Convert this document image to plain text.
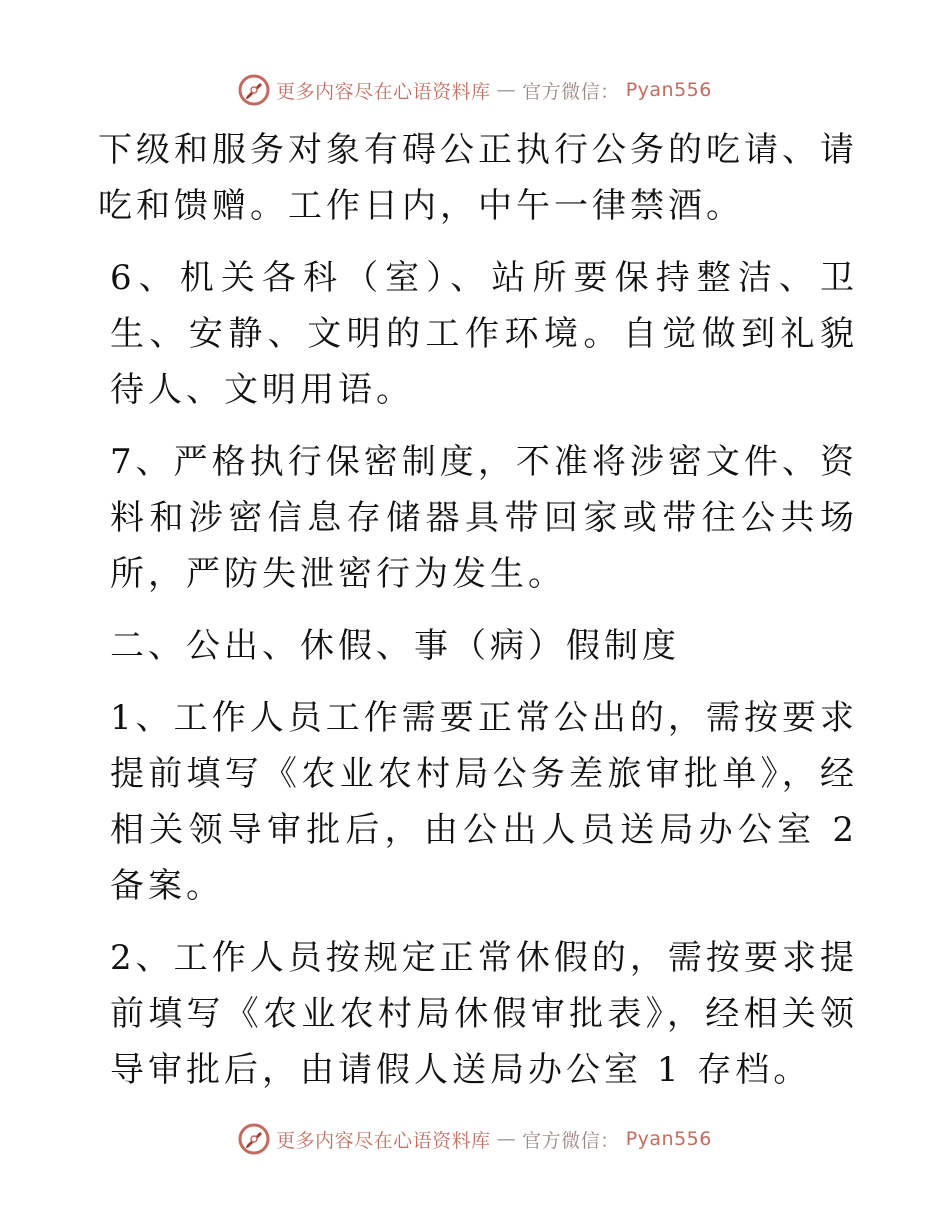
更多内容尽在心语资料库 — 官方微信： Pyan556

下级和服务对象有碍公正执行公务的吃请、请吃和馈赠。工作日内，中午一律禁酒。

6、机关各科（室）、站所要保持整洁、卫生、安静、文明的工作环境。自觉做到礼貌待人、文明用语。

7、严格执行保密制度，不准将涉密文件、资料和涉密信息存储器具带回家或带往公共场所，严防失泄密行为发生。

二、公出、休假、事（病）假制度

1、工作人员工作需要正常公出的，需按要求提前填写《农业农村局公务差旅审批单》，经相关领导审批后，由公出人员送局办公室 2 备案。

2、工作人员按规定正常休假的，需按要求提前填写《农业农村局休假审批表》，经相关领导审批后，由请假人送局办公室 1 存档。

更多内容尽在心语资料库 — 官方微信： Pyan556
